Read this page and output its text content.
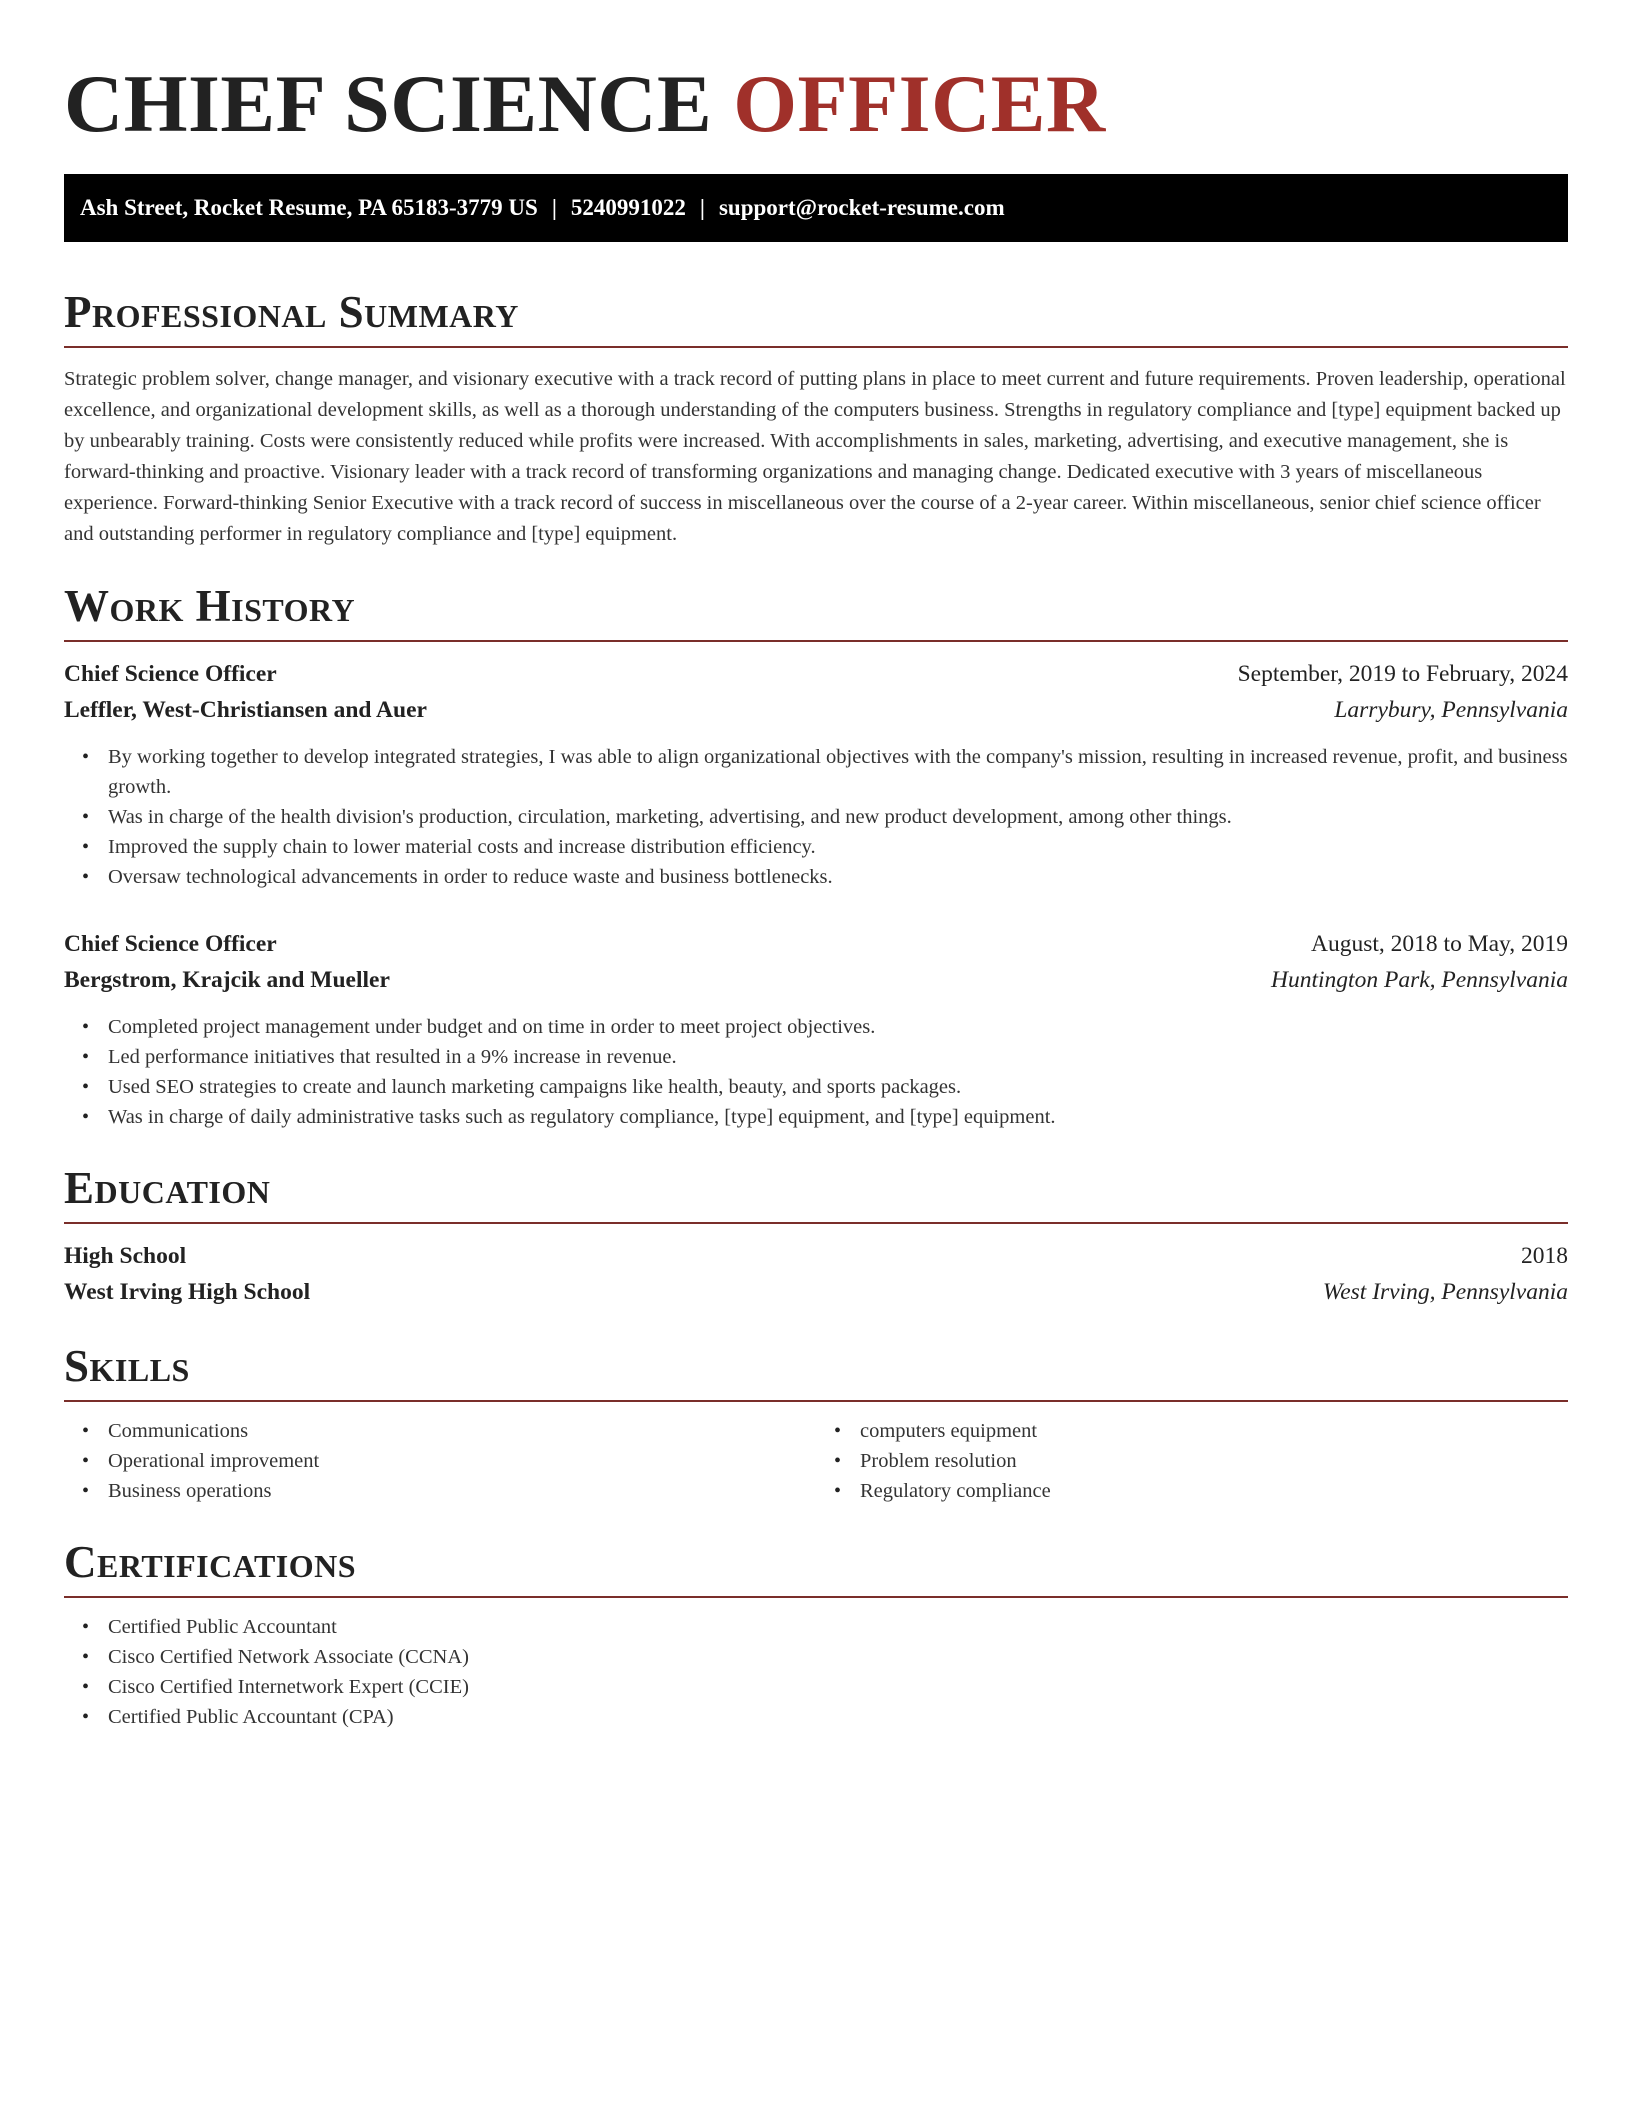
CHIEF SCIENCE OFFICER
Ash Street, Rocket Resume, PA 65183-3779 US | 5240991022 | support@rocket-resume.com
Professional Summary

Strategic problem solver, change manager, and visionary executive with a track record of putting plans in place to meet current and future requirements. Proven leadership, operational excellence, and organizational development skills, as well as a thorough understanding of the computers business. Strengths in regulatory compliance and [type] equipment backed up by unbearably training. Costs were consistently reduced while profits were increased. With accomplishments in sales, marketing, advertising, and executive management, she is forward-thinking and proactive. Visionary leader with a track record of transforming organizations and managing change. Dedicated executive with 3 years of miscellaneous experience. Forward-thinking Senior Executive with a track record of success in miscellaneous over the course of a 2-year career. Within miscellaneous, senior chief science officer and outstanding performer in regulatory compliance and [type] equipment.

Work History
Chief Science Officer	September, 2019 to February, 2024
Leffler, West-Christiansen and Auer	Larrybury, Pennsylvania
• By working together to develop integrated strategies, I was able to align organizational objectives with the company's mission, resulting in increased revenue, profit, and business growth.
• Was in charge of the health division's production, circulation, marketing, advertising, and new product development, among other things.
• Improved the supply chain to lower material costs and increase distribution efficiency.
• Oversaw technological advancements in order to reduce waste and business bottlenecks.
Chief Science Officer	August, 2018 to May, 2019
Bergstrom, Krajcik and Mueller	Huntington Park, Pennsylvania
• Completed project management under budget and on time in order to meet project objectives.
• Led performance initiatives that resulted in a 9% increase in revenue.
• Used SEO strategies to create and launch marketing campaigns like health, beauty, and sports packages.
• Was in charge of daily administrative tasks such as regulatory compliance, [type] equipment, and [type] equipment.
Education
High School	2018
West Irving High School	West Irving, Pennsylvania
Skills
• Communications
• Operational improvement
• Business operations
• computers equipment
• Problem resolution
• Regulatory compliance
Certifications
• Certified Public Accountant
• Cisco Certified Network Associate (CCNA)
• Cisco Certified Internetwork Expert (CCIE)
• Certified Public Accountant (CPA)
